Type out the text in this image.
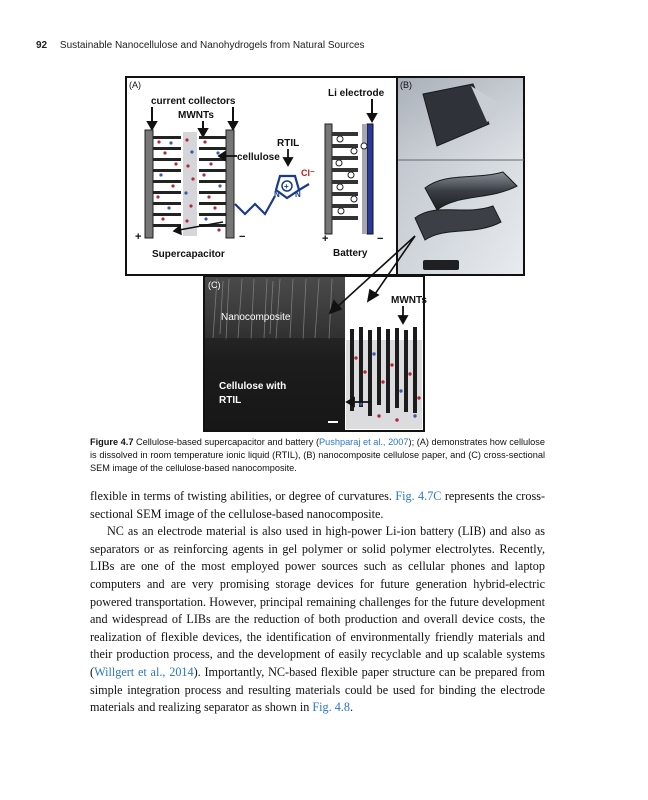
92 Sustainable Nanocellulose and Nanohydrogels from Natural Sources
(A)
current collectors
MWNTs
Li electrode
cellulose
+	−
Supercapacitor
RTIL
Cl⁻
+
N N
+	−
Battery
(B)
(C)
Nanocomposite
Cellulose with
RTIL
MWNTs
Figure 4.7 Cellulose-based supercapacitor and battery (Pushparaj et al., 2007); (A) demonstrates how cellulose is dissolved in room temperature ionic liquid (RTIL), (B) nanocomposite cellulose paper, and (C) cross-sectional SEM image of the cellulose-based nanocomposite.

flexible in terms of twisting abilities, or degree of curvatures. Fig. 4.7C represents the cross-sectional SEM image of the cellulose-based nanocomposite.

NC as an electrode material is also used in high-power Li-ion battery (LIB) and also as separators or as reinforcing agents in gel polymer or solid polymer electrolytes. Recently, LIBs are one of the most employed power sources such as cellular phones and laptop computers and are very promising storage devices for future generation hybrid-electric powered transportation. However, principal remaining challenges for the future development and widespread of LIBs are the reduction of both production and overall device costs, the realization of flexible devices, the identification of environmentally friendly materials and their production process, and the development of easily recyclable and up scalable systems (Willgert et al., 2014). Importantly, NC-based flexible paper structure can be prepared from simple integration process and resulting materials could be used for binding the electrode materials and realizing separator as shown in Fig. 4.8.
